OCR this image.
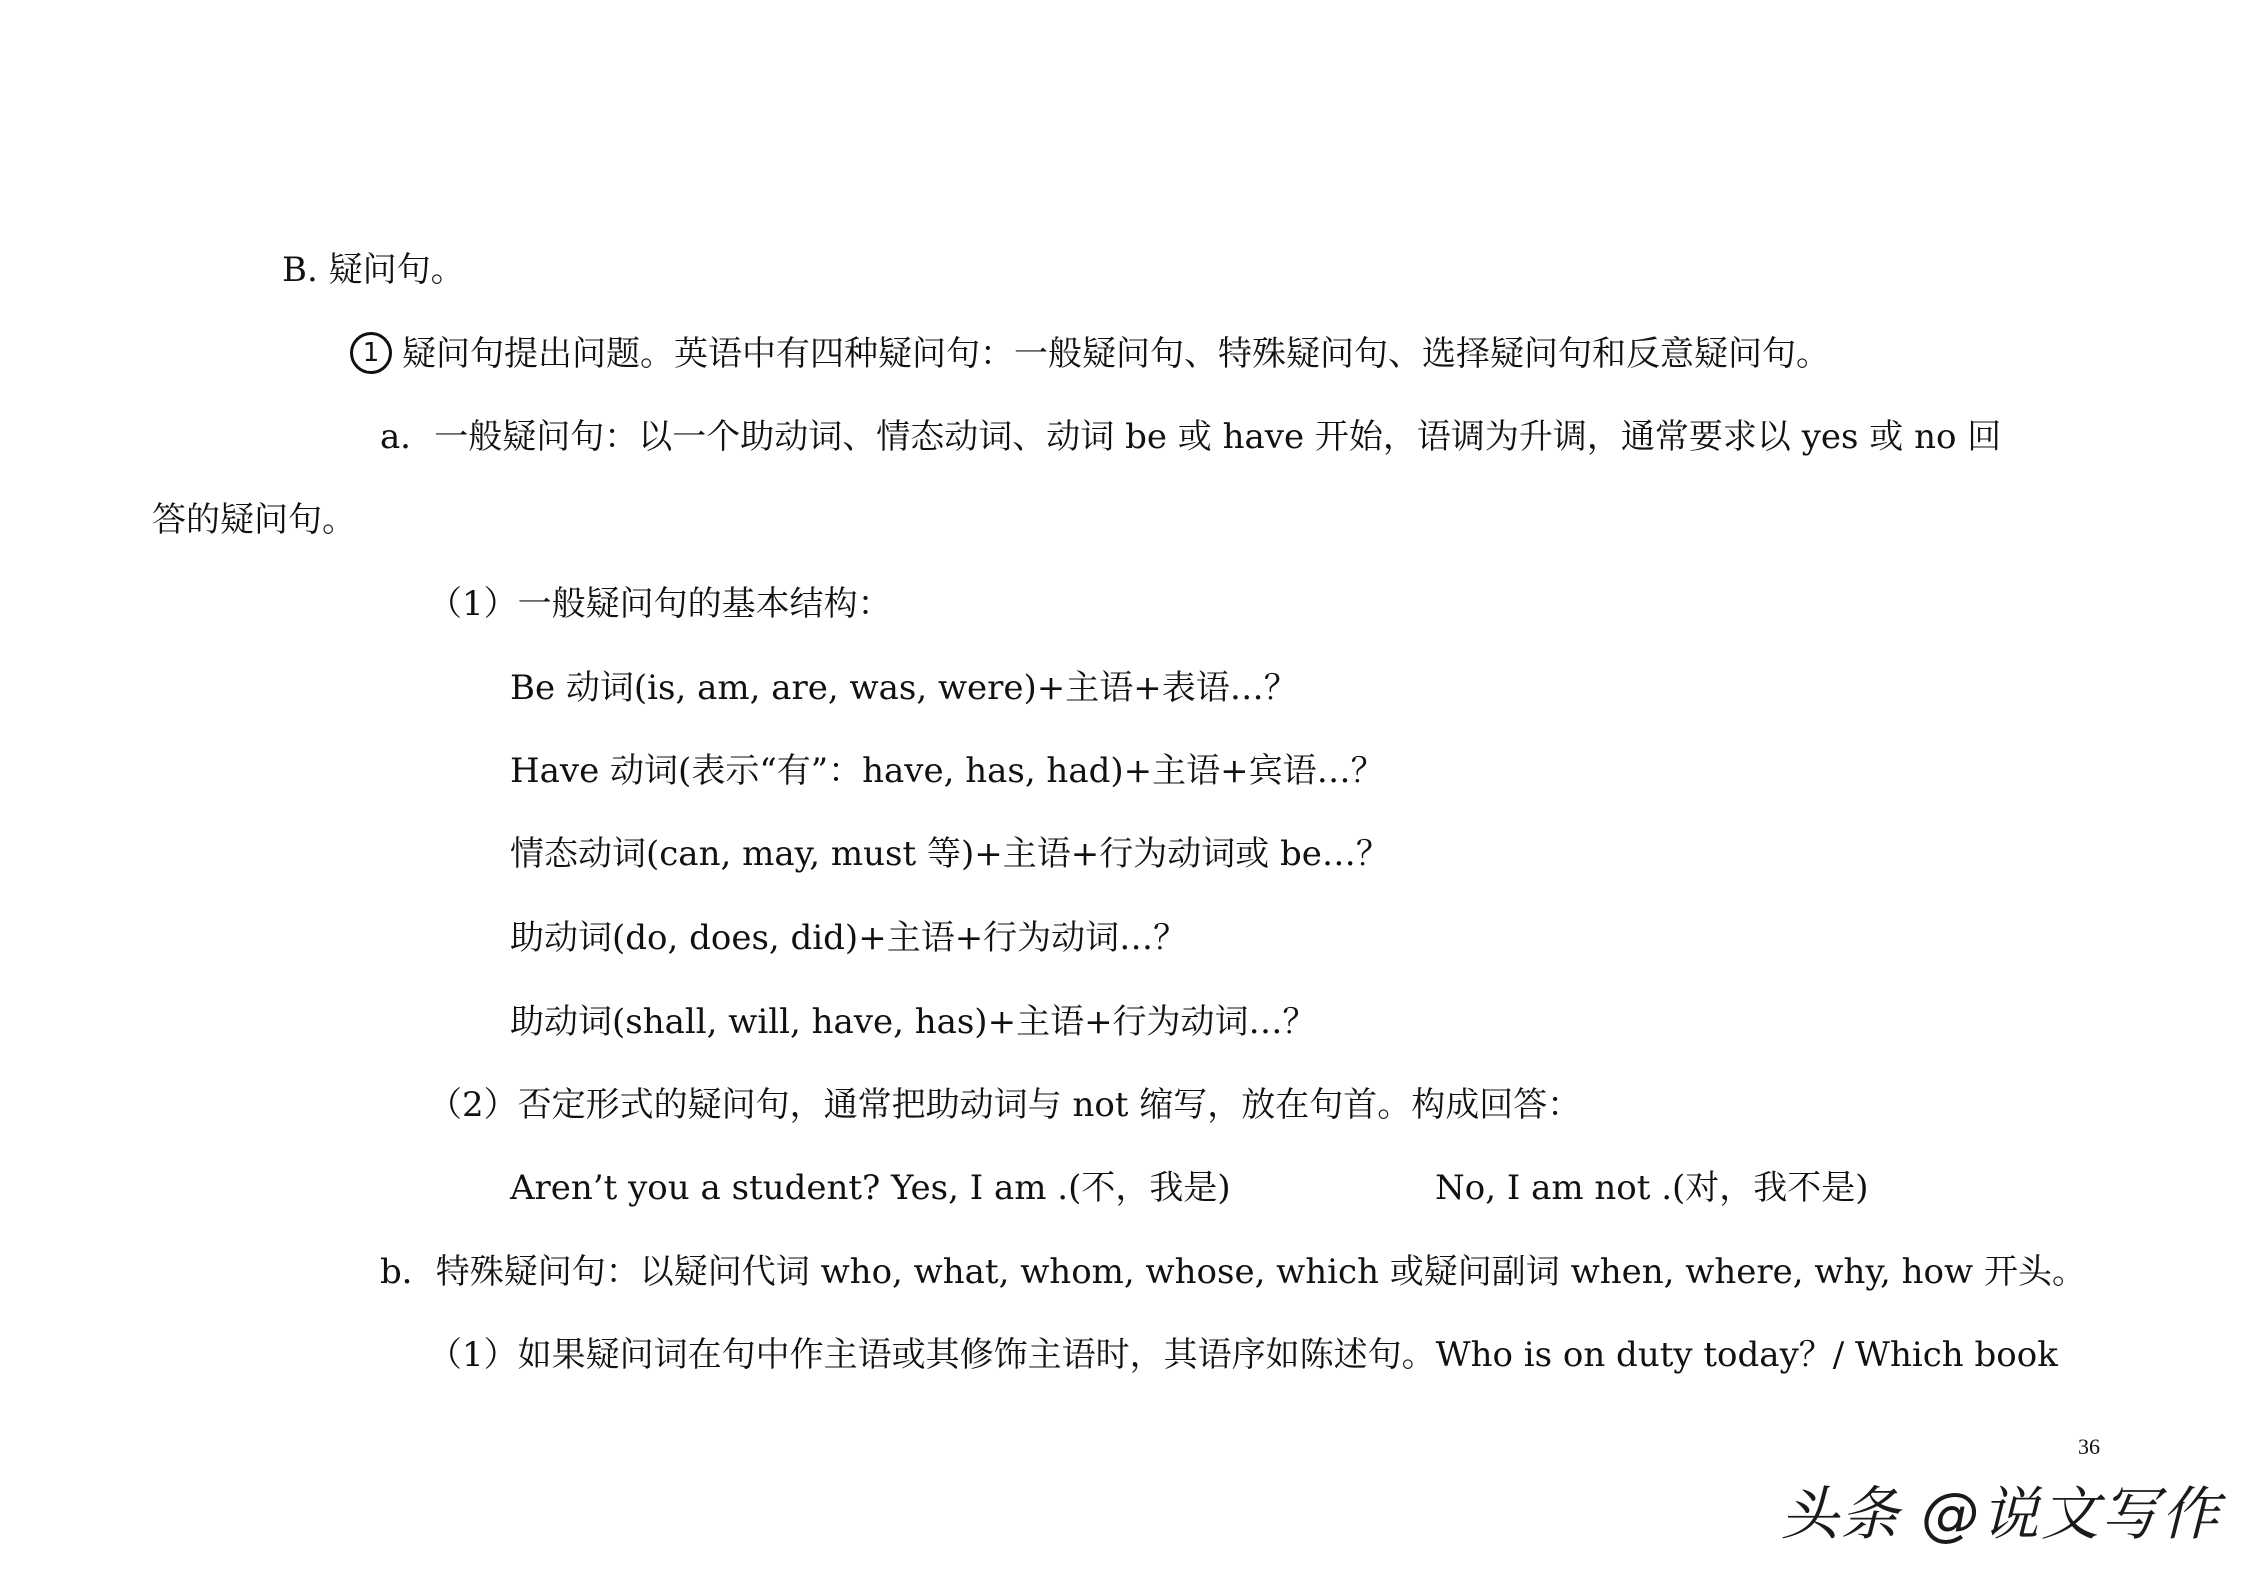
B. 疑问句。
1 疑问句提出问题。英语中有四种疑问句：一般疑问句、特殊疑问句、选择疑问句和反意疑问句。
a．一般疑问句：以一个助动词、情态动词、动词 be 或 have 开始，语调为升调，通常要求以 yes 或 no 回
答的疑问句。
（1）一般疑问句的基本结构：
Be 动词(is, am, are, was, were)+主语+表语…？
Have 动词(表示“有”：have, has, had)+主语+宾语…？
情态动词(can, may, must 等)+主语+行为动词或 be…？
助动词(do, does, did)+主语+行为动词…？
助动词(shall, will, have, has)+主语+行为动词…？
（2）否定形式的疑问句，通常把助动词与 not 缩写，放在句首。构成回答：
Aren’t you a student? Yes, I am .(不，我是)	No, I am not .(对，我不是)
b．特殊疑问句：以疑问代词 who, what, whom, whose, which 或疑问副词 when, where, why, how 开头。
（1）如果疑问词在句中作主语或其修饰主语时，其语序如陈述句。Who is on duty today？/ Which book
36
头条 @说文写作
